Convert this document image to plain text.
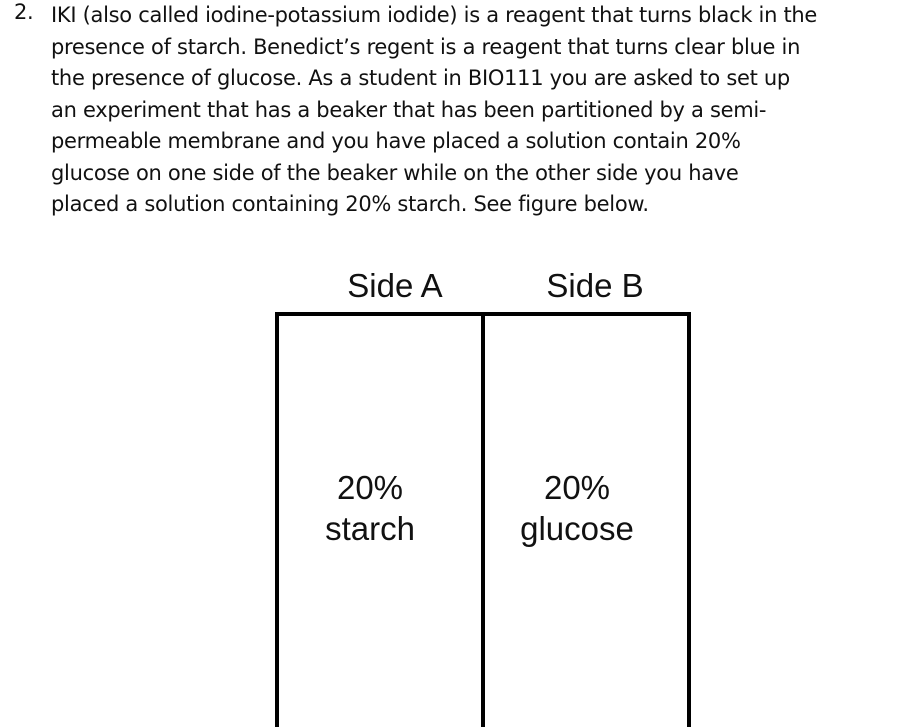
2. IKI (also called iodine-potassium iodide) is a reagent that turns black in the
presence of starch. Benedict’s regent is a reagent that turns clear blue in
the presence of glucose. As a student in BIO111 you are asked to set up
an experiment that has a beaker that has been partitioned by a semi-
permeable membrane and you have placed a solution contain 20%
glucose on one side of the beaker while on the other side you have
placed a solution containing 20% starch. See figure below.
Side A	Side B
20%
starch
20%
glucose
